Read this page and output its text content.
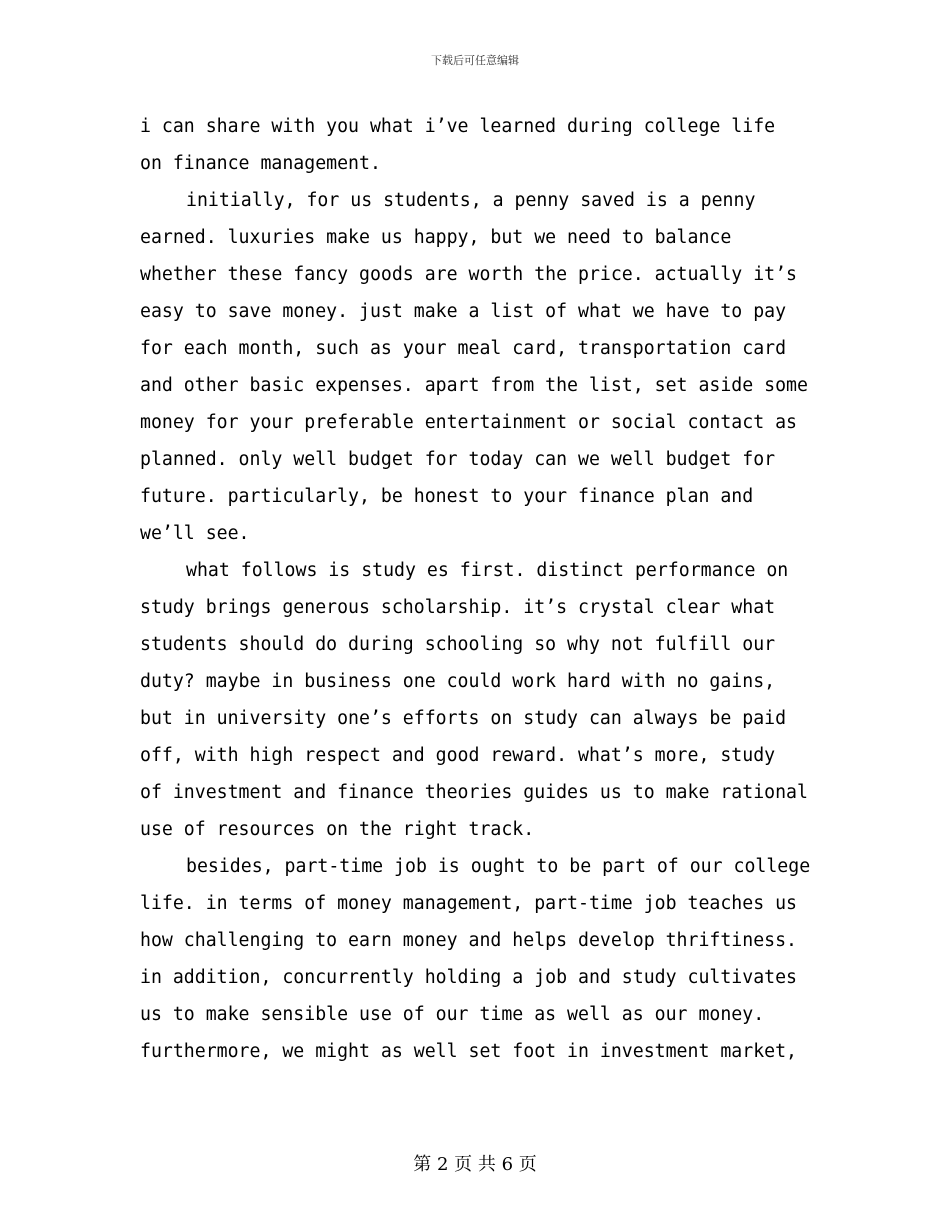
下载后可任意编辑
i can share with you what i’ve learned during college life
on finance management.
initially, for us students, a penny saved is a penny
earned. luxuries make us happy, but we need to balance
whether these fancy goods are worth the price. actually it’s
easy to save money. just make a list of what we have to pay
for each month, such as your meal card, transportation card
and other basic expenses. apart from the list, set aside some
money for your preferable entertainment or social contact as
planned. only well budget for today can we well budget for
future. particularly, be honest to your finance plan and
we’ll see.
what follows is study es first. distinct performance on
study brings generous scholarship. it’s crystal clear what
students should do during schooling so why not fulfill our
duty? maybe in business one could work hard with no gains,
but in university one’s efforts on study can always be paid
off, with high respect and good reward. what’s more, study
of investment and finance theories guides us to make rational
use of resources on the right track.
besides, part-time job is ought to be part of our college
life. in terms of money management, part-time job teaches us
how challenging to earn money and helps develop thriftiness.
in addition, concurrently holding a job and study cultivates
us to make sensible use of our time as well as our money.
furthermore, we might as well set foot in investment market,
第 2 页 共 6 页
